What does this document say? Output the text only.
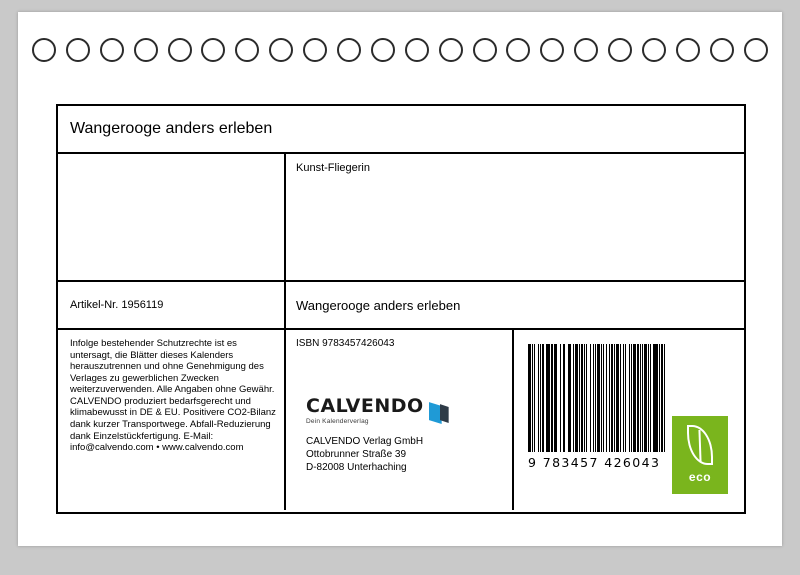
Wangerooge anders erleben
Kunst-Fliegerin
Artikel-Nr. 1956119	Wangerooge anders erleben
Infolge bestehender Schutzrechte ist es untersagt, die Blätter dieses Kalenders herauszutrennen und ohne Genehmigung des Verlages zu gewerblichen Zwecken weiterzuverwenden. Alle Angaben ohne Gewähr. CALVENDO produziert bedarfsgerecht und klimabewusst in DE & EU. Positivere CO2-Bilanz dank kurzer Transportwege. Abfall-Reduzierung dank Einzelstückfertigung. E-Mail: info@calvendo.com • www.calvendo.com
ISBN 9783457426043
CALVENDO
Dein Kalenderverlag
CALVENDO Verlag GmbH
Ottobrunner Straße 39
D-82008 Unterhaching	9 783457 426043
eco
